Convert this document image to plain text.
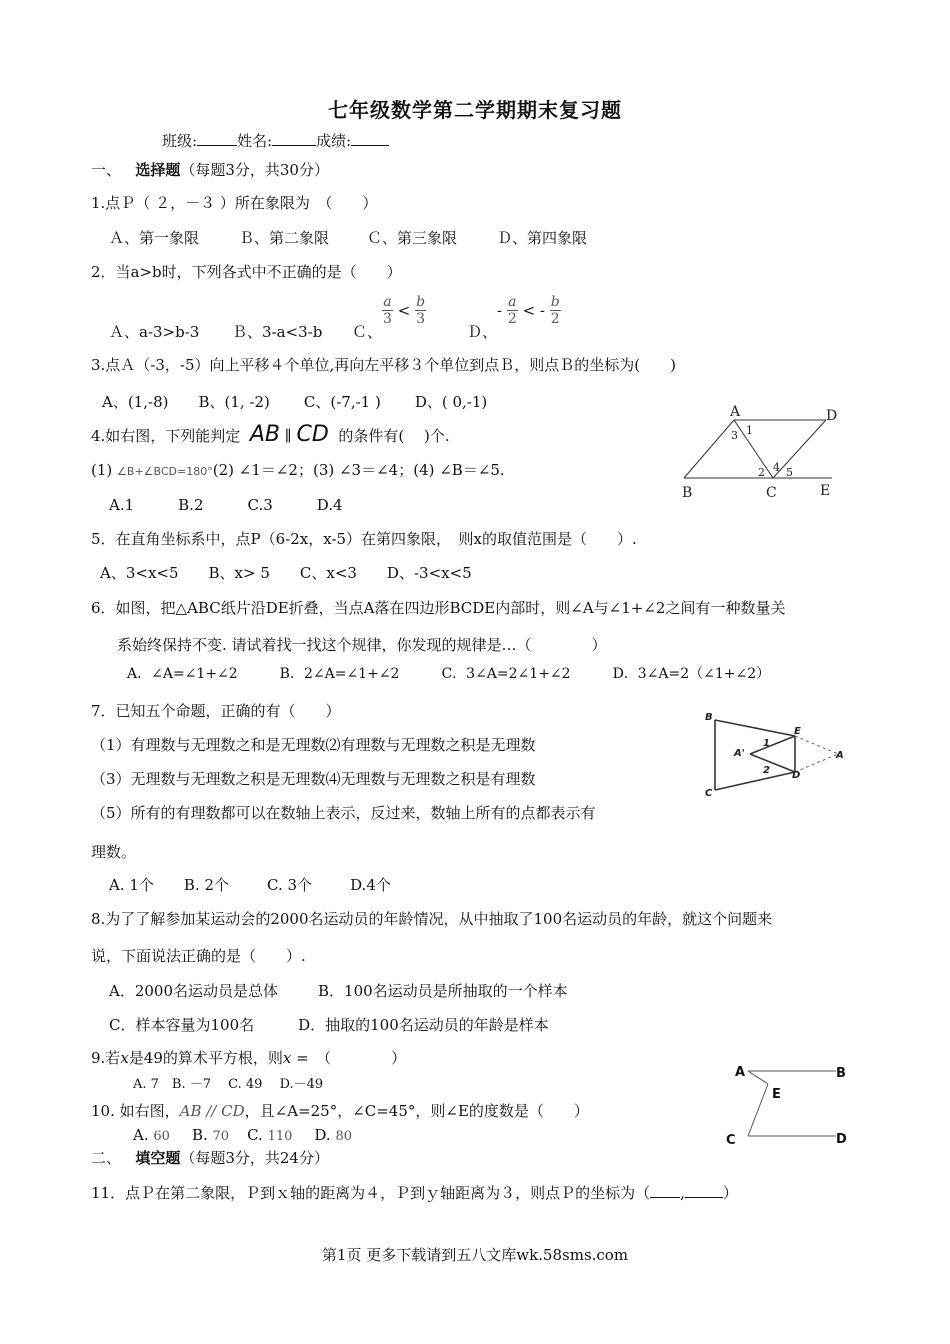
七年级数学第二学期期末复习题
班级:	姓名:	成绩:
一、 选择题（每题3分，共30分）
1.点Ｐ（ ２，－３ ）所在象限为　（　　）
Ａ、第一象限	Ｂ、第二象限	Ｃ、第三象限	Ｄ、第四象限
2．当a>b时，下列各式中不正确的是（　　）
Ａ、a-3>b-3 Ｂ、3-a<3-b Ｃ、
$\frac{a}{3} < \frac{b}{3}$
Ｄ、
- $\frac{a}{2}$ < - $\frac{b}{2}$
3.点Ａ（-3，-5）向上平移４个单位,再向左平移３个单位到点Ｂ，则点Ｂ的坐标为(　　)
A、(1,-8) B、(1, -2) C、(-7,-1 ) D、( 0,-1)
4.如右图，下列能判定 AB ∥ CD 的条件有(　 )个.
(1) ∠B+∠BCD=180°(2) ∠1＝∠2；(3) ∠3＝∠4；(4) ∠B＝∠5.
A.1	B.2	C.3	D.4
A	D
B	C	E
1
3
2 4 5
5．在直角坐标系中，点P（6-2x，x-5）在第四象限，　则x的取值范围是（　　）.
A、3<x<5　　B、x> 5　　C、x<3　　D、-3<x<5
6．如图，把△ABC纸片沿DE折叠，当点A落在四边形BCDE内部时，则∠A与∠1+∠2之间有一种数量关
系始终保持不变. 请试着找一找这个规律，你发现的规律是…（　　　　）
A．∠A=∠1+∠2　　　B．2∠A=∠1+∠2　　　C．3∠A=2∠1+∠2　　　D．3∠A=2（∠1+∠2）
B
C
E
D
A
A'
1
2
7．已知五个命题，正确的有（　　）
（1）有理数与无理数之和是无理数⑵有理数与无理数之积是无理数
（3）无理数与无理数之积是无理数⑷无理数与无理数之积是有理数
（5）所有的有理数都可以在数轴上表示，反过来，数轴上所有的点都表示有
理数。
A. 1个 B. 2个	C. 3个	D.4个
8.为了了解参加某运动会的2000名运动员的年龄情况，从中抽取了100名运动员的年龄，就这个问题来
说，下面说法正确的是（　　）.
A．2000名运动员是总体	B．100名运动员是所抽取的一个样本
C．样本容量为100名	D．抽取的100名运动员的年龄是样本
9.若x是49的算术平方根，则x =　（　　　　）
A. 7　B. －7　 C. 49　 D.－49
10. 如右图，AB // CD，且∠A=25°，∠C=45°，则∠E的度数是（　　）
A. 60 B. 70 C. 110 D. 80
A	B
E
C	D
二、 填空题（每题3分，共24分）
11．点Ｐ在第二象限，Ｐ到ｘ轴的距离为４，Ｐ到ｙ轴距离为３，则点Ｐ的坐标为（ ,	）
第1页 更多下载请到五八文库wk.58sms.com
